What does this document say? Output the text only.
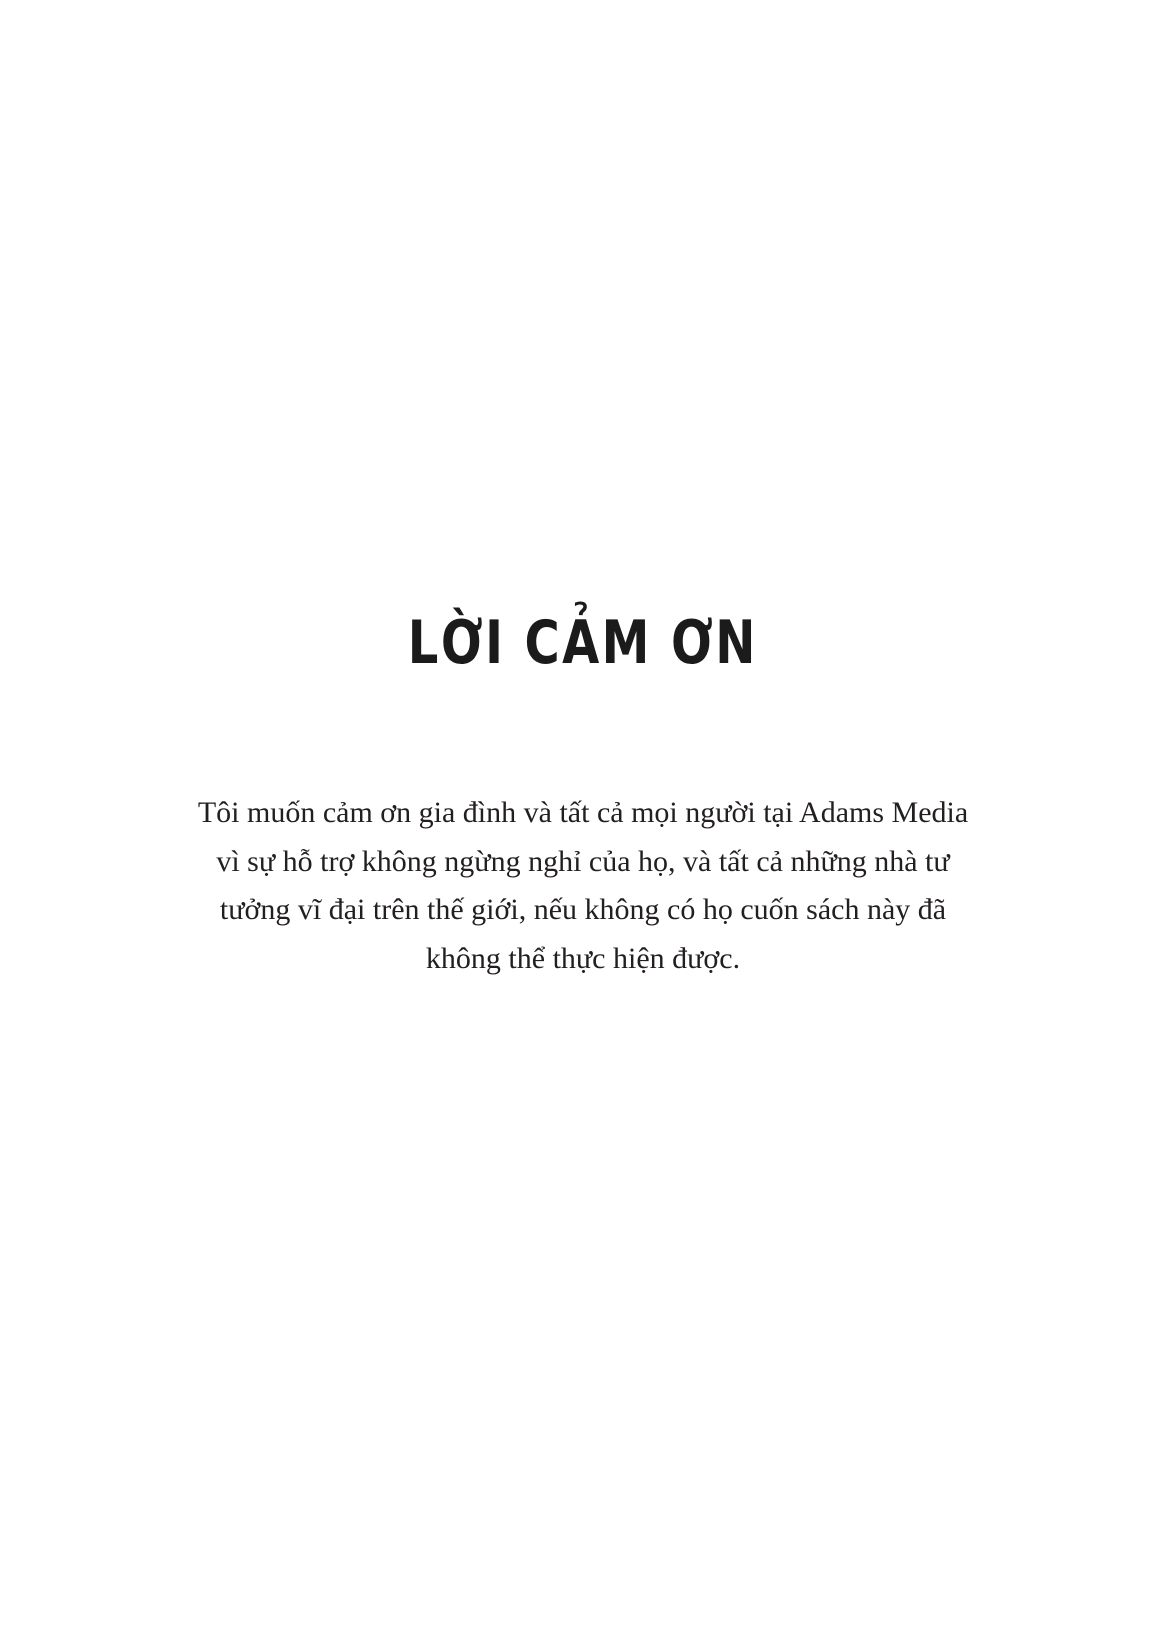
LỜI CẢM ƠN

Tôi muốn cảm ơn gia đình và tất cả mọi người tại Adams Media vì sự hỗ trợ không ngừng nghỉ của họ, và tất cả những nhà tư tưởng vĩ đại trên thế giới, nếu không có họ cuốn sách này đã không thể thực hiện được.
